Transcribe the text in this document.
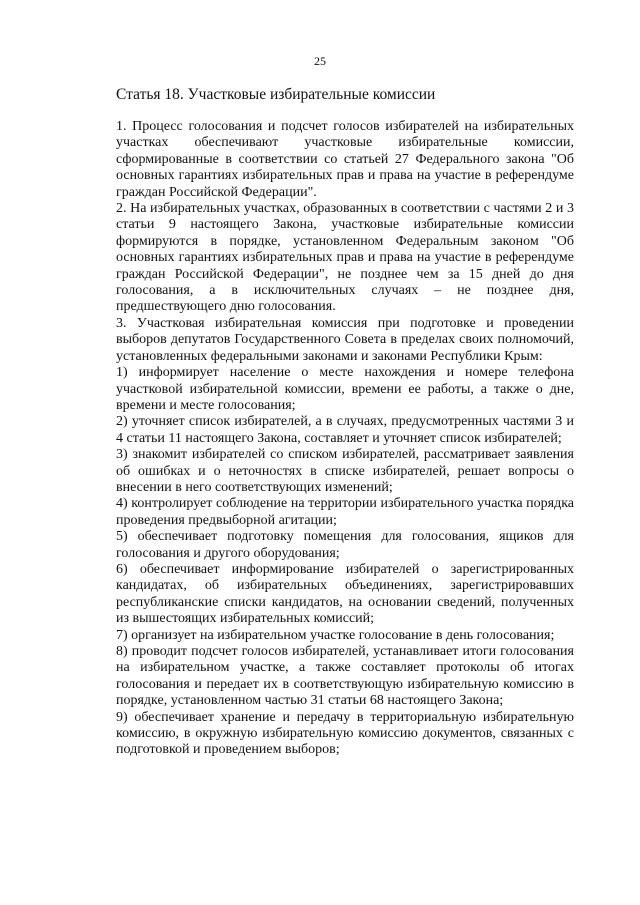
25
Статья 18. Участковые избирательные комиссии

1. Процесс голосования и подсчет голосов избирателей на избирательных участках обеспечивают участковые избирательные комиссии, сформированные в соответствии со статьей 27 Федерального закона "Об основных гарантиях избирательных прав и права на участие в референдуме граждан Российской Федерации".

2. На избирательных участках, образованных в соответствии с частями 2 и 3 статьи 9 настоящего Закона, участковые избирательные комиссии формируются в порядке, установленном Федеральным законом "Об основных гарантиях избирательных прав и права на участие в референдуме граждан Российской Федерации", не позднее чем за 15 дней до дня голосования, а в исключительных случаях – не позднее дня, предшествующего дню голосования.

3. Участковая избирательная комиссия при подготовке и проведении выборов депутатов Государственного Совета в пределах своих полномочий, установленных федеральными законами и законами Республики Крым:

1) информирует население о месте нахождения и номере телефона участковой избирательной комиссии, времени ее работы, а также о дне, времени и месте голосования;

2) уточняет список избирателей, а в случаях, предусмотренных частями 3 и 4 статьи 11 настоящего Закона, составляет и уточняет список избирателей;

3) знакомит избирателей со списком избирателей, рассматривает заявления об ошибках и о неточностях в списке избирателей, решает вопросы о внесении в него соответствующих изменений;

4) контролирует соблюдение на территории избирательного участка порядка проведения предвыборной агитации;

5) обеспечивает подготовку помещения для голосования, ящиков для голосования и другого оборудования;

6) обеспечивает информирование избирателей о зарегистрированных кандидатах, об избирательных объединениях, зарегистрировавших республиканские списки кандидатов, на основании сведений, полученных из вышестоящих избирательных комиссий;

7) организует на избирательном участке голосование в день голосования;

8) проводит подсчет голосов избирателей, устанавливает итоги голосования на избирательном участке, а также составляет протоколы об итогах голосования и передает их в соответствующую избирательную комиссию в порядке, установленном частью 31 статьи 68 настоящего Закона;

9) обеспечивает хранение и передачу в территориальную избирательную комиссию, в окружную избирательную комиссию документов, связанных с подготовкой и проведением выборов;
